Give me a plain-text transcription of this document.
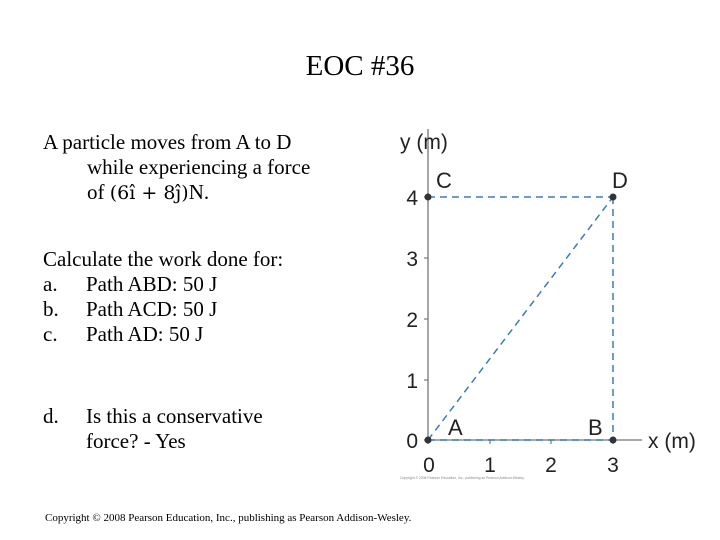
EOC #36
A particle moves from A to D
while experiencing a force
of (6î + 8ĵ)N.
Calculate the work done for:
a.	Path ABD: 50 J
b.	Path ACD: 50 J
c.	Path AD: 50 J
d.	Is this a conservative
force? - Yes	0
1
2
3
4
0 1 2 3
y (m)
x (m)
A	B
C	D
Copyright © 2008 Pearson Education, Inc., publishing as Pearson Addison-Wesley.
Copyright © 2008 Pearson Education, Inc., publishing as Pearson Addison-Wesley.
